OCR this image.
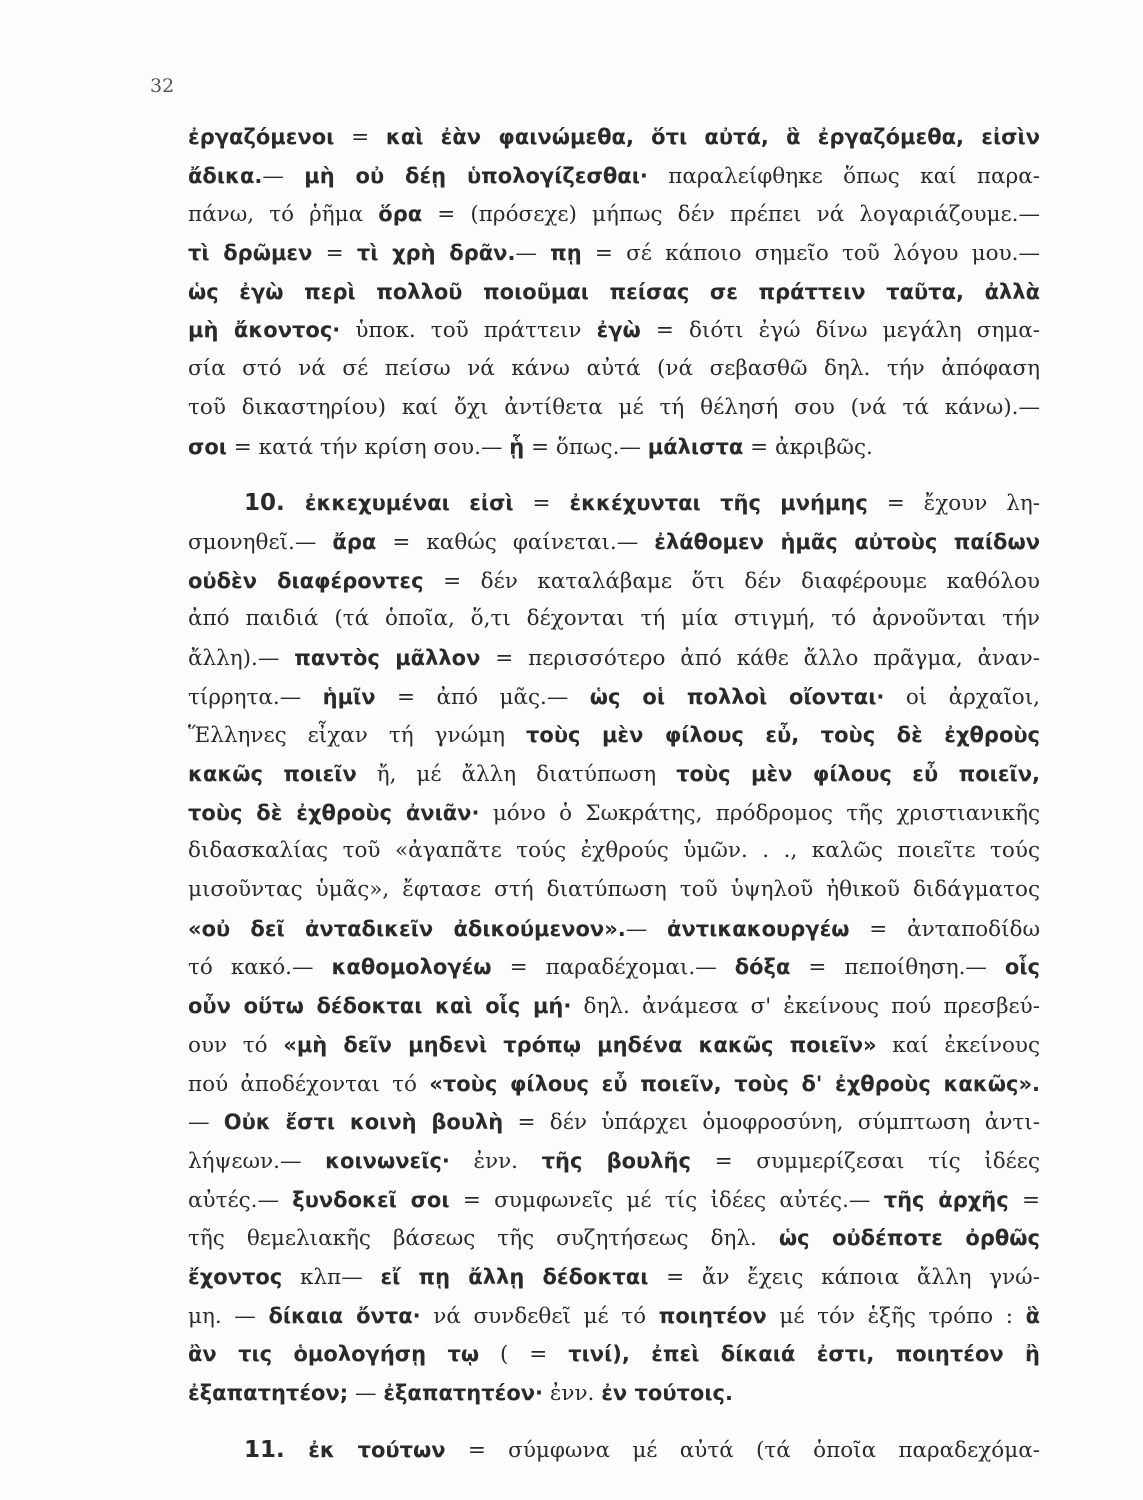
32
ἐργαζόμενοι = καὶ ἐὰν φαινώμεθα, ὅτι αὐτά, ἃ ἐργαζόμεθα, εἰσὶν
ἄδικα.— μὴ οὐ δέῃ ὑπολογίζεσθαι· παραλείφθηκε ὅπως καί παρα-
πάνω, τό ῥῆμα ὅρα = (πρόσεχε) μήπως δέν πρέπει νά λογαριάζουμε.—
τὶ δρῶμεν = τὶ χρὴ δρᾶν.— πῃ = σέ κάποιο σημεῖο τοῦ λόγου μου.—
ὡς ἐγὼ περὶ πολλοῦ ποιοῦμαι πείσας σε πράττειν ταῦτα, ἀλλὰ
μὴ ἄκοντος· ὑποκ. τοῦ πράττειν ἐγὼ = διότι ἐγώ δίνω μεγάλη σημα-
σία στό νά σέ πείσω νά κάνω αὐτά (νά σεβασθῶ δηλ. τήν ἀπόφαση
τοῦ δικαστηρίου) καί ὄχι ἀντίθετα μέ τή θέλησή σου (νά τά κάνω).—
σοι = κατά τήν κρίση σου.— ᾗ = ὅπως.— μάλιστα = ἀκριβῶς.
10. ἐκκεχυμέναι εἰσὶ = ἐκκέχυνται τῆς μνήμης = ἔχουν λη-
σμονηθεῖ.— ἄρα = καθώς φαίνεται.— ἐλάθομεν ἡμᾶς αὐτοὺς παίδων
οὐδὲν διαφέροντες = δέν καταλάβαμε ὅτι δέν διαφέρουμε καθόλου
ἀπό παιδιά (τά ὁποῖα, ὅ,τι δέχονται τή μία στιγμή, τό ἀρνοῦνται τήν
ἄλλη).— παντὸς μᾶλλον = περισσότερο ἀπό κάθε ἄλλο πρᾶγμα, ἀναν-
τίρρητα.— ἡμῖν = ἀπό μᾶς.— ὡς οἱ πολλοὶ οἴονται· οἱ ἀρχαῖοι,
Ἕλληνες εἶχαν τή γνώμη τοὺς μὲν φίλους εὖ, τοὺς δὲ ἐχθροὺς
κακῶς ποιεῖν ἤ, μέ ἄλλη διατύπωση τοὺς μὲν φίλους εὖ ποιεῖν,
τοὺς δὲ ἐχθροὺς ἀνιᾶν· μόνο ὁ Σωκράτης, πρόδρομος τῆς χριστιανικῆς
διδασκαλίας τοῦ «ἀγαπᾶτε τούς ἐχθρούς ὑμῶν. . ., καλῶς ποιεῖτε τούς
μισοῦντας ὑμᾶς», ἔφτασε στή διατύπωση τοῦ ὑψηλοῦ ἠθικοῦ διδάγματος
«οὐ δεῖ ἀνταδικεῖν ἀδικούμενον».— ἀντικακουργέω = ἀνταποδίδω
τό κακό.— καθομολογέω = παραδέχομαι.— δόξα = πεποίθηση.— οἷς
οὖν οὕτω δέδοκται καὶ οἷς μή· δηλ. ἀνάμεσα σ' ἐκείνους πού πρεσβεύ-
ουν τό «μὴ δεῖν μηδενὶ τρόπῳ μηδένα κακῶς ποιεῖν» καί ἐκείνους
πού ἀποδέχονται τό «τοὺς φίλους εὖ ποιεῖν, τοὺς δ' ἐχθροὺς κακῶς».
— Οὐκ ἔστι κοινὴ βουλὴ = δέν ὑπάρχει ὁμοφροσύνη, σύμπτωση ἀντι-
λήψεων.— κοινωνεῖς· ἐνν. τῆς βουλῆς = συμμερίζεσαι τίς ἰδέες
αὐτές.— ξυνδοκεῖ σοι = συμφωνεῖς μέ τίς ἰδέες αὐτές.— τῆς ἀρχῆς =
τῆς θεμελιακῆς βάσεως τῆς συζητήσεως δηλ. ὡς οὐδέποτε ὀρθῶς
ἔχοντος κλπ— εἴ πῃ ἄλλῃ δέδοκται = ἄν ἔχεις κάποια ἄλλη γνώ-
μη. — δίκαια ὄντα· νά συνδεθεῖ μέ τό ποιητέον μέ τόν ἑξῆς τρόπο : ἃ
ἂν τις ὁμολογήσῃ τῳ ( = τινί), ἐπεὶ δίκαιά ἐστι, ποιητέον ἢ
ἐξαπατητέον; — ἐξαπατητέον· ἐνν. ἐν τούτοις.
11. ἐκ τούτων = σύμφωνα μέ αὐτά (τά ὁποῖα παραδεχόμα-
